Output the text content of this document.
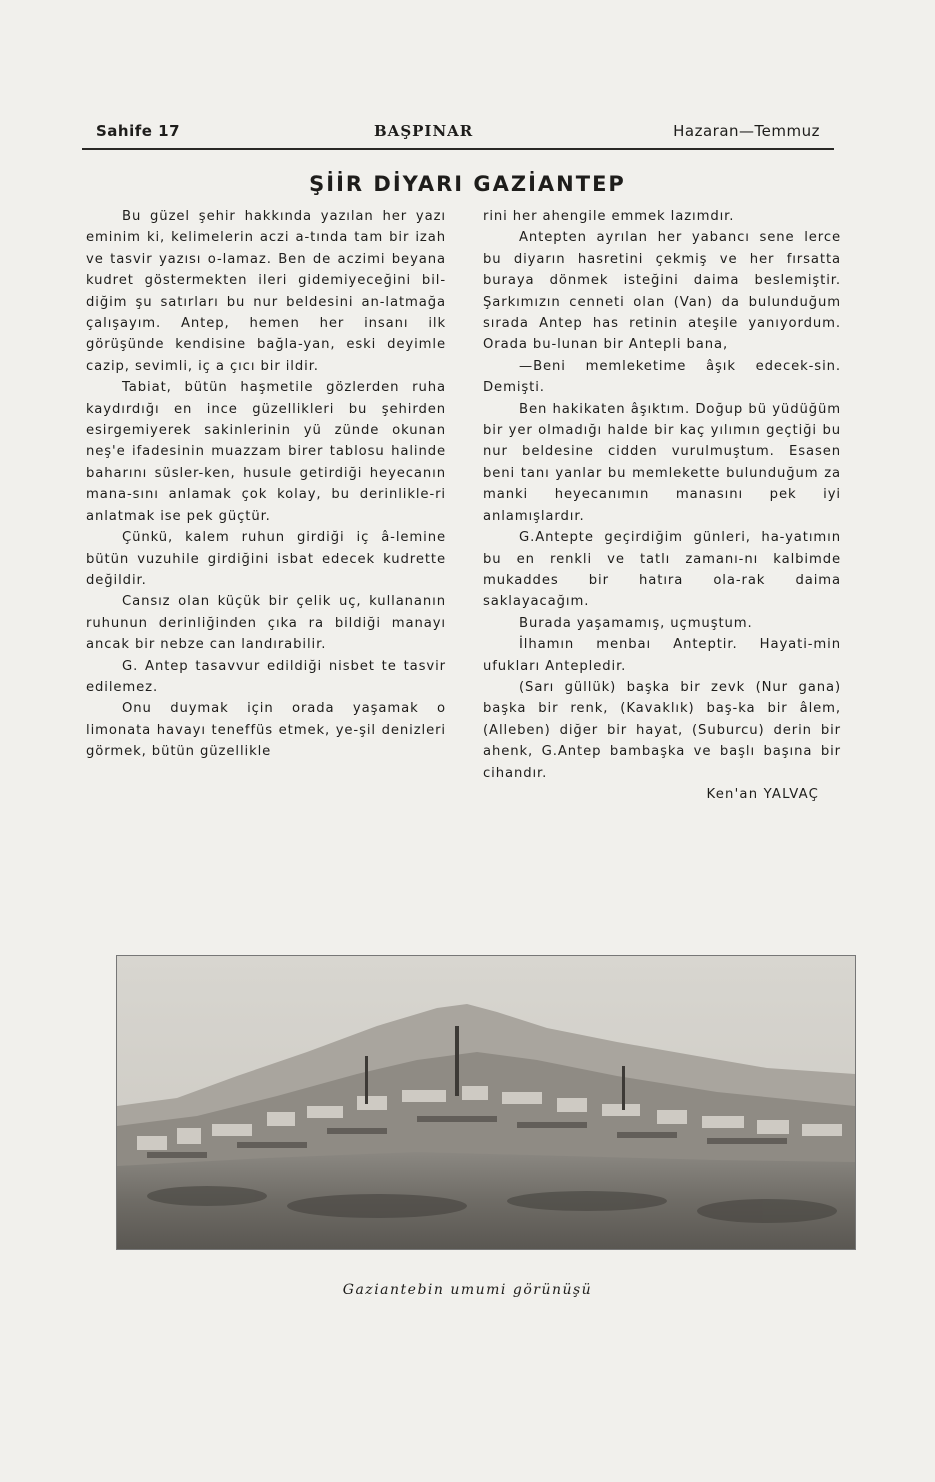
Sahife 17	BAŞPINAR	Hazaran—Temmuz
ŞİİR DİYARI GAZİANTEP

Bu güzel şehir hakkında yazılan her yazı eminim ki, kelimelerin aczi a-tında tam bir izah ve tasvir yazısı o-lamaz. Ben de aczimi beyana kudret göstermekten ileri gidemiyeceğini bil-diğim şu satırları bu nur beldesini an-latmağa çalışayım. Antep, hemen her insanı ilk görüşünde kendisine bağla-yan, eski deyimle cazip, sevimli, iç a çıcı bir ildir.

Tabiat, bütün haşmetile gözlerden ruha kaydırdığı en ince güzellikleri bu şehirden esirgemiyerek sakinlerinin yü zünde okunan neş'e ifadesinin muazzam birer tablosu halinde baharını süsler-ken, husule getirdiği heyecanın mana-sını anlamak çok kolay, bu derinlikle-ri anlatmak ise pek güçtür.

Çünkü, kalem ruhun girdiği iç â-lemine bütün vuzuhile girdiğini isbat edecek kudrette değildir.

Cansız olan küçük bir çelik uç, kullananın ruhunun derinliğinden çıka ra bildiği manayı ancak bir nebze can landırabilir.

G. Antep tasavvur edildiği nisbet te tasvir edilemez.

Onu duymak için orada yaşamak o limonata havayı teneffüs etmek, ye-şil denizleri görmek, bütün güzellikle

rini her ahengile emmek lazımdır.

Antepten ayrılan her yabancı sene lerce bu diyarın hasretini çekmiş ve her fırsatta buraya dönmek isteğini daima beslemiştir. Şarkımızın cenneti olan (Van) da bulunduğum sırada Antep has retinin ateşile yanıyordum. Orada bu-lunan bir Antepli bana,

—Beni memleketime âşık edecek-sin. Demişti.

Ben hakikaten âşıktım. Doğup bü yüdüğüm bir yer olmadığı halde bir kaç yılımın geçtiği bu nur beldesine cidden vurulmuştum. Esasen beni tanı yanlar bu memlekette bulunduğum za manki heyecanımın manasını pek iyi anlamışlardır.

G.Antepte geçirdiğim günleri, ha-yatımın bu en renkli ve tatlı zamanı-nı kalbimde mukaddes bir hatıra ola-rak daima saklayacağım.

Burada yaşamamış, uçmuştum.

İlhamın menbaı Anteptir. Hayati-min ufukları Antepledir.

(Sarı güllük) başka bir zevk (Nur gana) başka bir renk, (Kavaklık) baş-ka bir âlem, (Alleben) diğer bir hayat, (Suburcu) derin bir ahenk, G.Antep bambaşka ve başlı başına bir cihandır.

Ken'an YALVAÇ

Gaziantebin umumi görünüşü
